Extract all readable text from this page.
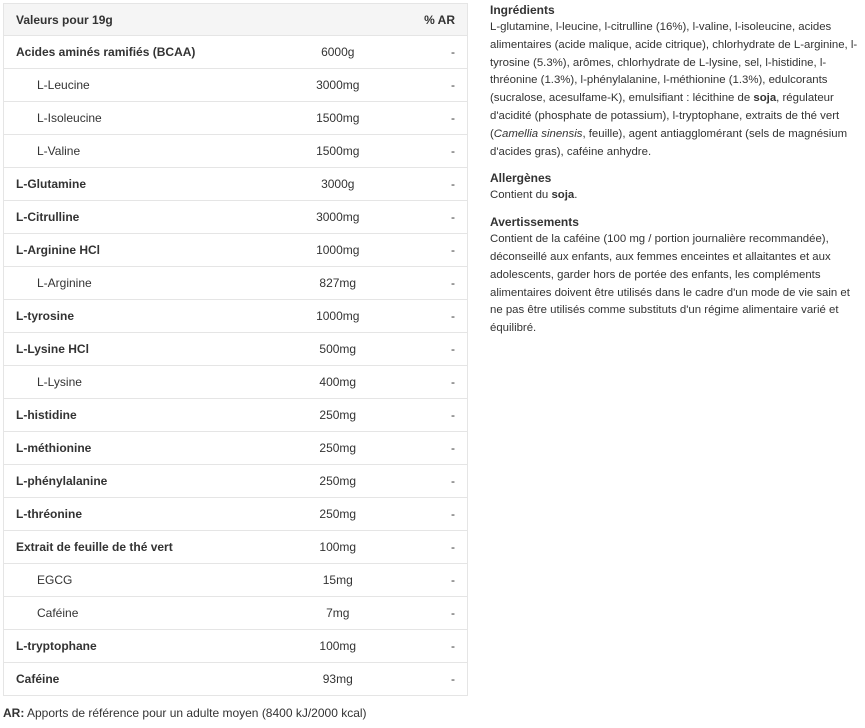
Valeurs pour 19g		% AR
Acides aminés ramifiés (BCAA)	6000g	-
L-Leucine	3000mg	-
L-Isoleucine	1500mg	-
L-Valine	1500mg	-
L-Glutamine	3000g	-
L-Citrulline	3000mg	-
L-Arginine HCl	1000mg	-
L-Arginine	827mg	-
L-tyrosine	1000mg	-
L-Lysine HCl	500mg	-
L-Lysine	400mg	-
L-histidine	250mg	-
L-méthionine	250mg	-
L-phénylalanine	250mg	-
L-thréonine	250mg	-
Extrait de feuille de thé vert	100mg	-
EGCG	15mg	-
Caféine	7mg	-
L-tryptophane	100mg	-
Caféine	93mg	-
AR: Apports de référence pour un adulte moyen (8400 kJ/2000 kcal)
Ingrédients

L-glutamine, l-leucine, l-citrulline (16%), l-valine, l-isoleucine, acides alimentaires (acide malique, acide citrique), chlorhydrate de L-arginine, l-tyrosine (5.3%), arômes, chlorhydrate de L-lysine, sel, l-histidine, l-thréonine (1.3%), l-phénylalanine, l-méthionine (1.3%), edulcorants (sucralose, acesulfame-K), emulsifiant : lécithine de soja, régulateur d'acidité (phosphate de potassium), l-tryptophane, extraits de thé vert (Camellia sinensis, feuille), agent antiagglomérant (sels de magnésium d'acides gras), caféine anhydre.

Allergènes

Contient du soja.

Avertissements

Contient de la caféine (100 mg / portion journalière recommandée), déconseillé aux enfants, aux femmes enceintes et allaitantes et aux adolescents, garder hors de portée des enfants, les compléments alimentaires doivent être utilisés dans le cadre d'un mode de vie sain et ne pas être utilisés comme substituts d'un régime alimentaire varié et équilibré.
